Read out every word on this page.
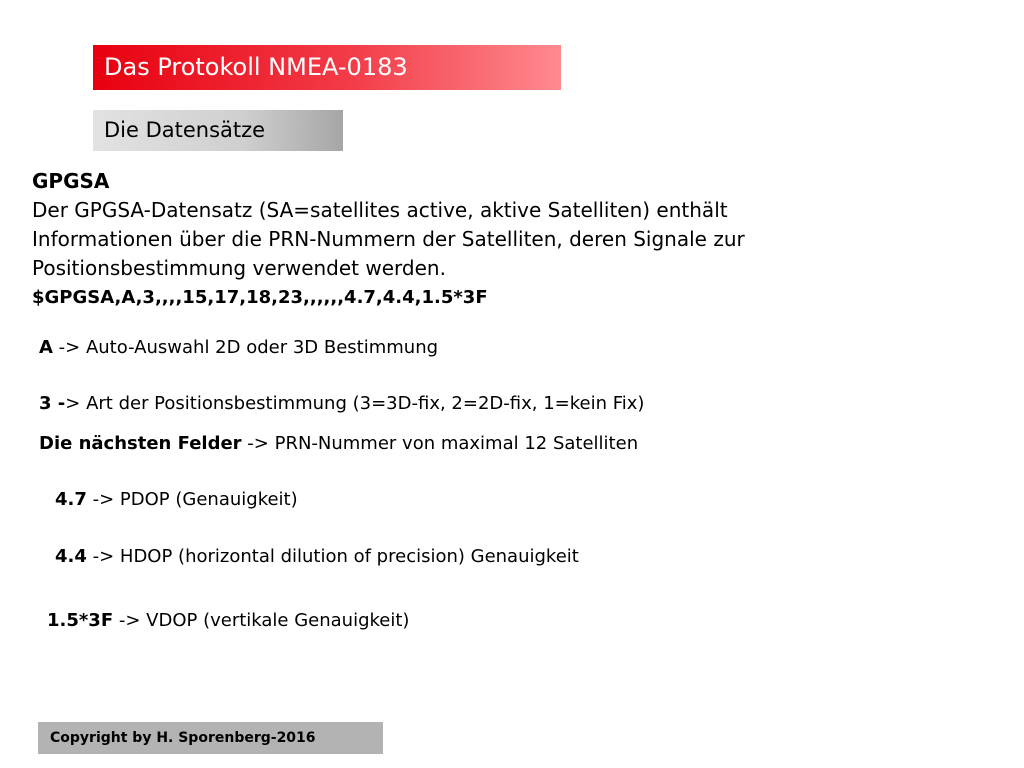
Das Protokoll NMEA-0183
Die Datensätze

GPGSA

Der GPGSA-Datensatz (SA=satellites active, aktive Satelliten) enthält

Informationen über die PRN-Nummern der Satelliten, deren Signale zur

Positionsbestimmung verwendet werden.

$GPGSA,A,3,,,,15,17,18,23,,,,,,4.7,4.4,1.5*3F

A -> Auto-Auswahl 2D oder 3D Bestimmung
3 -> Art der Positionsbestimmung (3=3D-fix, 2=2D-fix, 1=kein Fix)
Die nächsten Felder -> PRN-Nummer von maximal 12 Satelliten
4.7 -> PDOP (Genauigkeit)
4.4 -> HDOP (horizontal dilution of precision) Genauigkeit
1.5*3F -> VDOP (vertikale Genauigkeit)
Copyright by H. Sporenberg-2016
